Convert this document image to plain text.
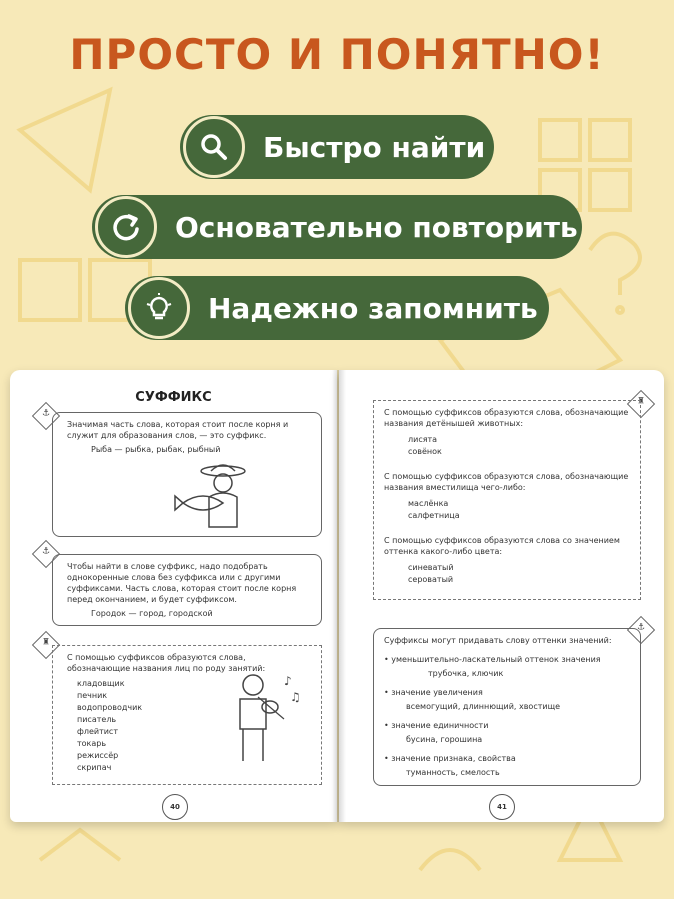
ПРОСТО И ПОНЯТНО!
Быстро найти
Основательно повторить
Надежно запомнить
СУФФИКС
⚓
Значимая часть слова, которая стоит после корня и служит для образования слов, — это суффикс.
Рыба — рыбка, рыбак, рыбный
⚓
Чтобы найти в слове суффикс, надо подобрать однокоренные слова без суффикса или с другими суффиксами. Часть слова, которая стоит после корня перед окончанием, и будет суффиксом.
Городок — город, городской
♜
С помощью суффиксов образуются слова, обозначающие названия лиц по роду занятий:
кладовщик
печник
водопроводчик
писатель
флейтист
токарь
режиссёр
скрипач
♪
♫
40
♜
С помощью суффиксов образуются слова, обозначающие названия детёнышей животных:
лисята
совёнок
С помощью суффиксов образуются слова, обозначающие названия вместилища чего-либо:
маслёнка
салфетница
С помощью суффиксов образуются слова со значением оттенка какого-либо цвета:
синеватый
сероватый
⚓
Суффиксы могут придавать слову оттенки значений:
• уменьшительно-ласкательный оттенок значения
трубочка, ключик
• значение увеличения
всемогущий, длиннющий, хвостище
• значение единичности
бусина, горошина
• значение признака, свойства
туманность, смелость
41
